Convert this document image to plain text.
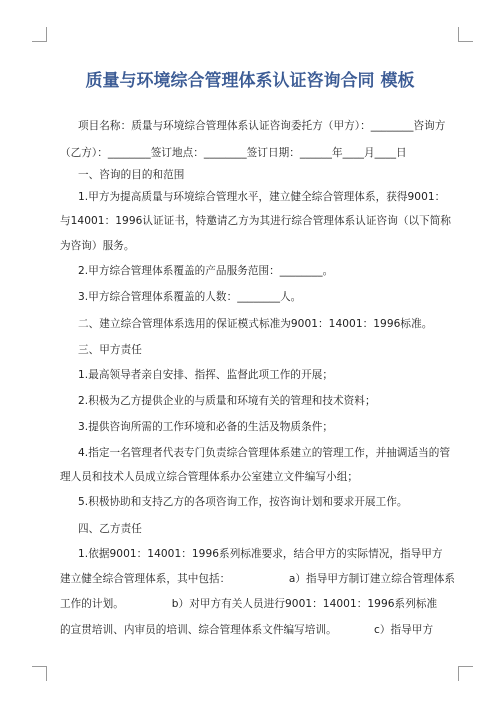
质量与环境综合管理体系认证咨询合同 模板
项目名称：质量与环境综合管理体系认证咨询委托方（甲方）：________咨询方
（乙方）：________签订地点：________签订日期：______年____月____日
一、咨询的目的和范围
1.甲方为提高质量与环境综合管理水平，建立健全综合管理体系，获得9001：
与14001：1996认证证书，特邀请乙方为其进行综合管理体系认证咨询（以下简称
为咨询）服务。
2.甲方综合管理体系覆盖的产品服务范围：________。
3.甲方综合管理体系覆盖的人数：________人。
二、建立综合管理体系选用的保证模式标准为9001：14001：1996标准。
三、甲方责任
1.最高领导者亲自安排、指挥、监督此项工作的开展；
2.积极为乙方提供企业的与质量和环境有关的管理和技术资料；
3.提供咨询所需的工作环境和必备的生活及物质条件；
4.指定一名管理者代表专门负责综合管理体系建立的管理工作，并抽调适当的管
理人员和技术人员成立综合管理体系办公室建立文件编写小组；
5.积极协助和支持乙方的各项咨询工作，按咨询计划和要求开展工作。
四、乙方责任
1.依据9001：14001：1996系列标准要求，结合甲方的实际情况，指导甲方
建立健全综合管理体系，其中包括：　　　　　　a）指导甲方制订建立综合管理体系
工作的计划。　　　　　b）对甲方有关人员进行9001：14001：1996系列标准
的宣贯培训、内审员的培训、综合管理体系文件编写培训。　　　　c）指导甲方
